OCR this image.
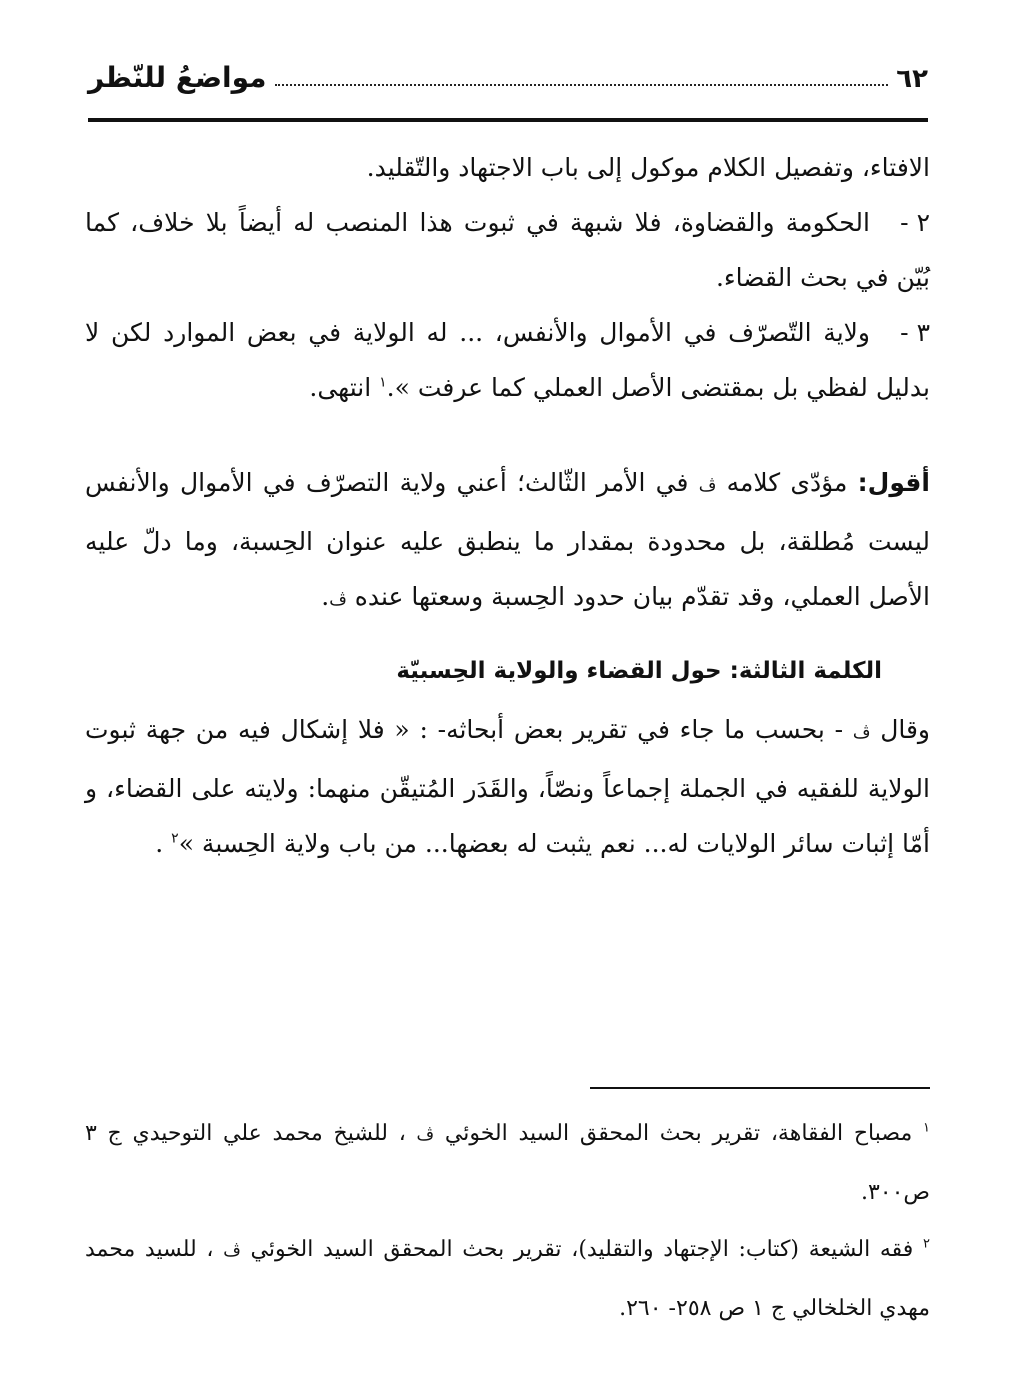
٦٢
مواضعُ للنّظر

الافتاء، وتفصيل الكلام موكول إلى باب الاجتهاد والتّقليد.

٢ -الحكومة والقضاوة، فلا شبهة في ثبوت هذا المنصب له أيضاً بلا خلاف، كما بُيّن في بحث القضاء.

٣ -ولاية التّصرّف في الأموال والأنفس، ... له الولاية في بعض الموارد لكن لا بدليل لفظي بل بمقتضى الأصل العملي كما عرفت ».$^١$ انتهى.

أقول: مؤدّى كلامه ﭪ في الأمر الثّالث؛ أعني ولاية التصرّف في الأموال والأنفس ليست مُطلقة، بل محدودة بمقدار ما ينطبق عليه عنوان الحِسبة، وما دلّ عليه الأصل العملي، وقد تقدّم بيان حدود الحِسبة وسعتها عنده ﭪ.

الكلمة الثالثة: حول القضاء والولاية الحِسبيّة

وقال ﭪ - بحسب ما جاء في تقرير بعض أبحاثه- : « فلا إشكال فيه من جهة ثبوت الولاية للفقيه في الجملة إجماعاً ونصّاً، والقَدَر المُتيقّن منهما: ولايته على القضاء، و أمّا إثبات سائر الولايات له... نعم يثبت له بعضها... من باب ولاية الحِسبة »$^٢$ .

$^١$ مصباح الفقاهة، تقرير بحث المحقق السيد الخوئي ﭪ ، للشيخ محمد علي التوحيدي ج ٣ ص٣٠٠.

$^٢$ فقه الشيعة (كتاب: الإجتهاد والتقليد)، تقرير بحث المحقق السيد الخوئي ﭪ ، للسيد محمد مهدي الخلخالي ج ١ ص ٢٥٨- ٢٦٠.
